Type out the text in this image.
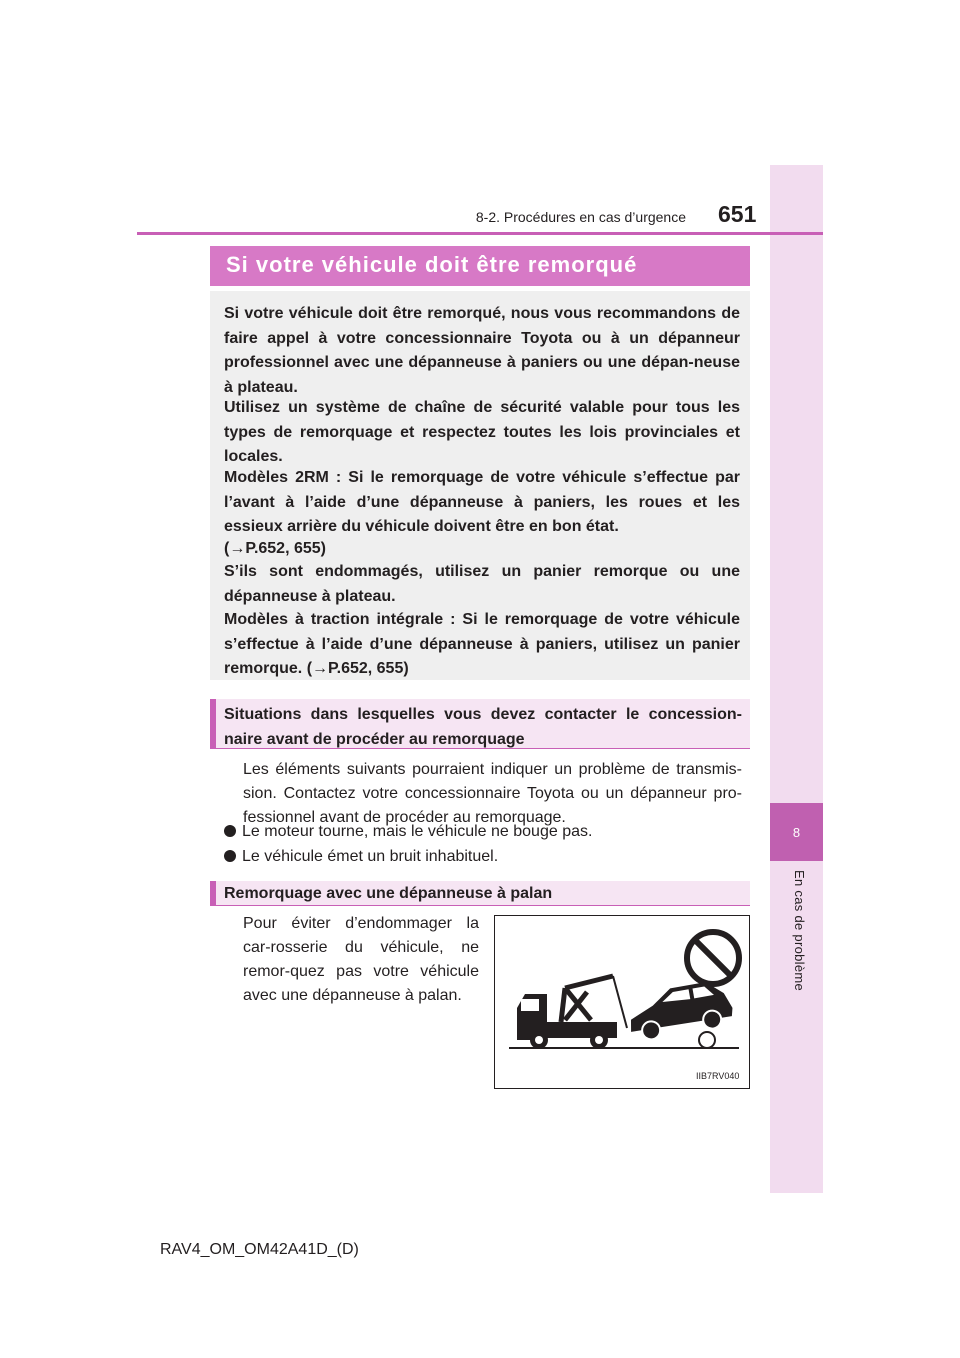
8
En cas de problème
8-2. Procédures en cas d’urgence 651
Si votre véhicule doit être remorqué
Si votre véhicule doit être remorqué, nous vous recommandons de faire appel à votre concessionnaire Toyota ou à un dépanneur professionnel avec une dépanneuse à paniers ou une dépan-neuse à plateau.
Utilisez un système de chaîne de sécurité valable pour tous les types de remorquage et respectez toutes les lois provinciales et locales.
Modèles 2RM : Si le remorquage de votre véhicule s’effectue par l’avant à l’aide d’une dépanneuse à paniers, les roues et les essieux arrière du véhicule doivent être en bon état.
(→P.652, 655)
S’ils sont endommagés, utilisez un panier remorque ou une dépanneuse à plateau.
Modèles à traction intégrale : Si le remorquage de votre véhicule s’effectue à l’aide d’une dépanneuse à paniers, utilisez un panier remorque. (→P.652, 655)
Situations dans lesquelles vous devez contacter le concession-naire avant de procéder au remorquage
Les éléments suivants pourraient indiquer un problème de transmis-sion. Contactez votre concessionnaire Toyota ou un dépanneur pro-fessionnel avant de procéder au remorquage.
Le moteur tourne, mais le véhicule ne bouge pas.
Le véhicule émet un bruit inhabituel.
Remorquage avec une dépanneuse à palan
Pour éviter d’endommager la car-rosserie du véhicule, ne remor-quez pas votre véhicule avec une dépanneuse à palan.
IIB7RV040
RAV4_OM_OM42A41D_(D)
